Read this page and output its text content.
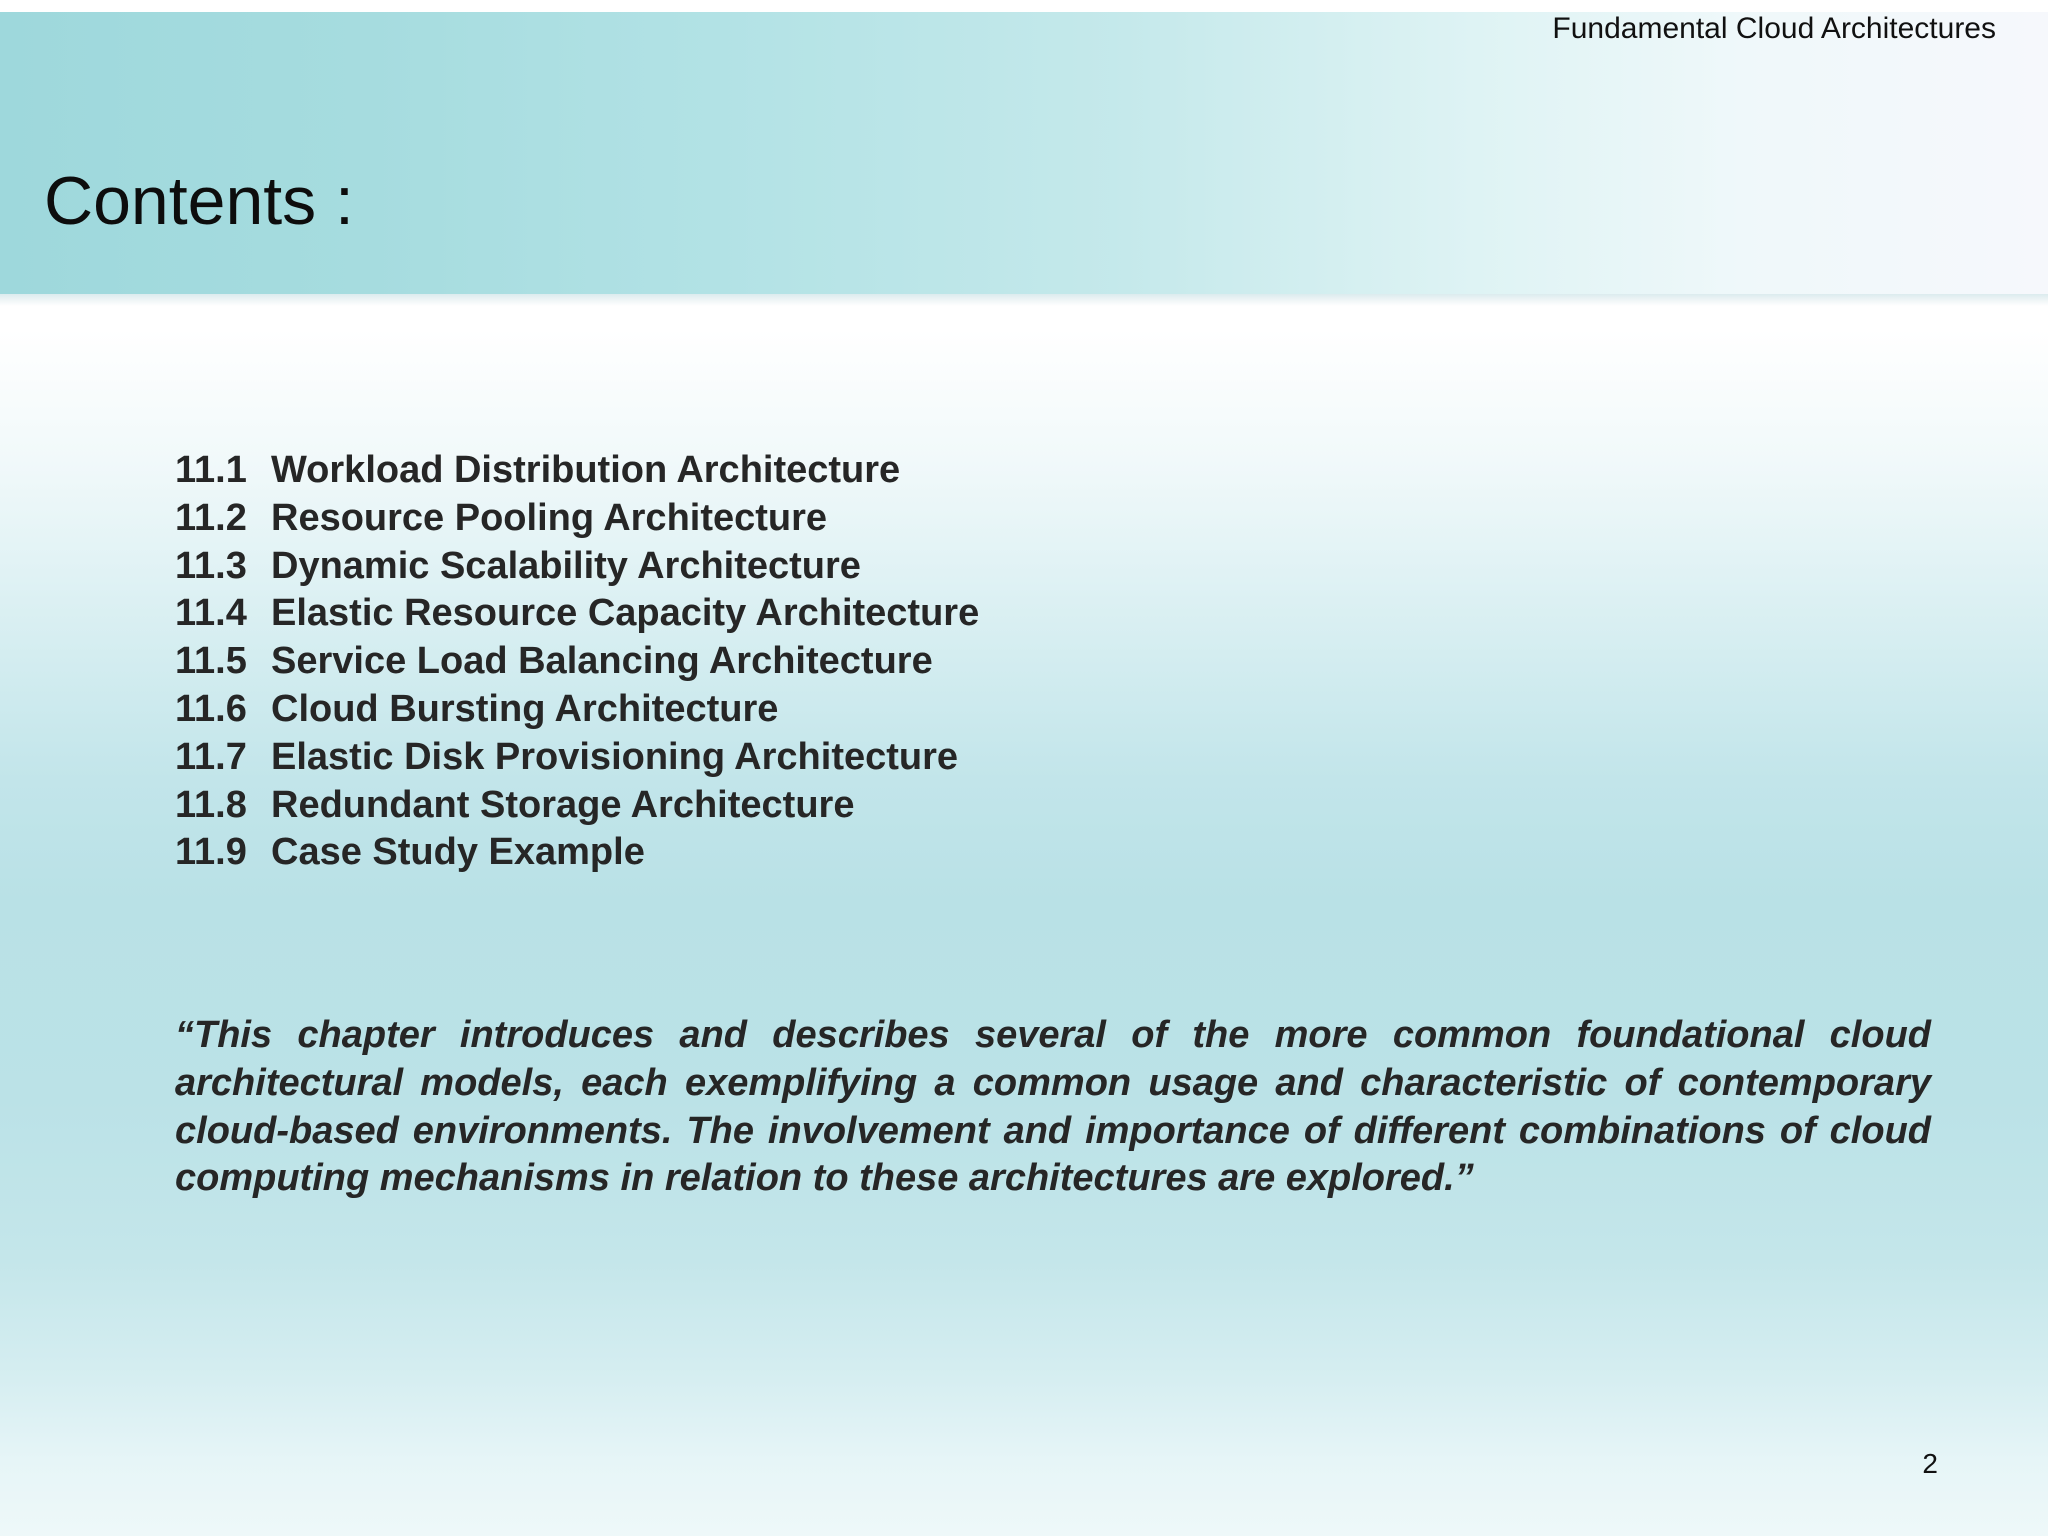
Fundamental Cloud Architectures
Contents :
11.1 Workload Distribution Architecture
11.2 Resource Pooling Architecture
11.3 Dynamic Scalability Architecture
11.4 Elastic Resource Capacity Architecture
11.5 Service Load Balancing Architecture
11.6 Cloud Bursting Architecture
11.7 Elastic Disk Provisioning Architecture
11.8 Redundant Storage Architecture
11.9 Case Study Example

“This chapter introduces and describes several of the more common foundational cloud architectural models, each exemplifying a common usage and characteristic of contemporary cloud-based environments. The involvement and importance of different combinations of cloud computing mechanisms in relation to these architectures are explored.”

2
